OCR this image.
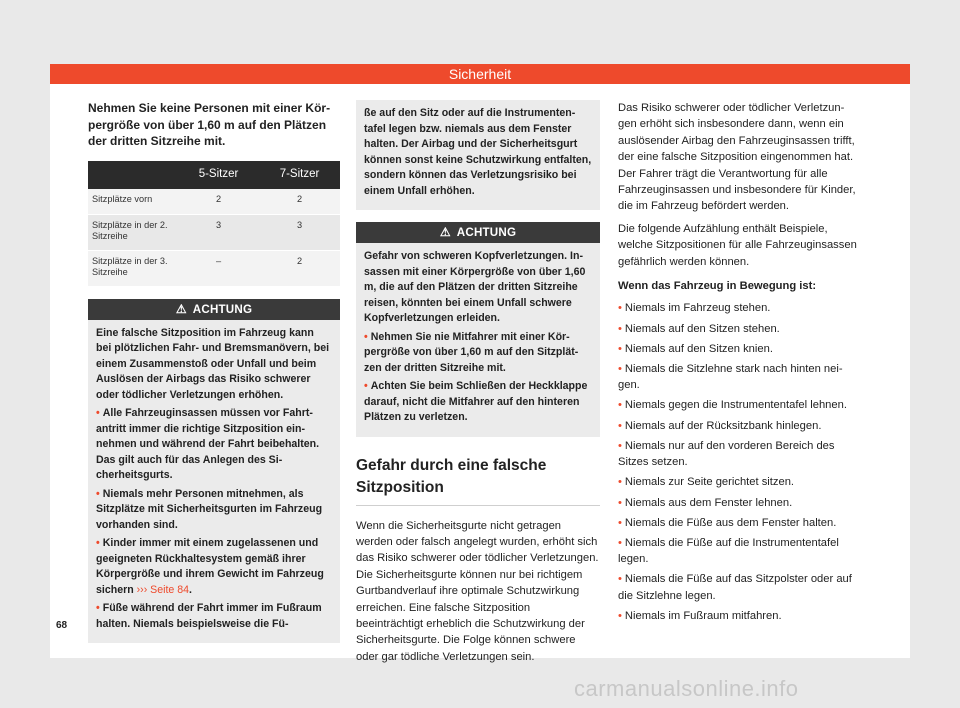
Sicherheit

Nehmen Sie keine Personen mit einer Körpergröße von über 1,60 m auf den Plätzen der dritten Sitzreihe mit.

	5-Sitzer	7-Sitzer
Sitzplätze vorn	2	2
Sitzplätze in der 2. Sitzreihe	3	3
Sitzplätze in der 3. Sitzreihe	–	2
⚠ ACHTUNG

Eine falsche Sitzposition im Fahrzeug kann bei plötzlichen Fahr- und Bremsmanövern, bei einem Zusammenstoß oder Unfall und beim Auslösen der Airbags das Risiko schwerer oder tödlicher Verletzungen erhöhen.

• Alle Fahrzeuginsassen müssen vor Fahrtantritt immer die richtige Sitzposition einnehmen und während der Fahrt beibehalten. Das gilt auch für das Anlegen des Sicherheitsgurts.

• Niemals mehr Personen mitnehmen, als Sitzplätze mit Sicherheitsgurten im Fahrzeug vorhanden sind.

• Kinder immer mit einem zugelassenen und geeigneten Rückhaltesystem gemäß ihrer Körpergröße und ihrem Gewicht im Fahrzeug sichern ››› Seite 84.

• Füße während der Fahrt immer im Fußraum halten. Niemals beispielsweise die Fü-

ße auf den Sitz oder auf die Instrumententafel legen bzw. niemals aus dem Fenster halten. Der Airbag und der Sicherheitsgurt können sonst keine Schutzwirkung entfalten, sondern können das Verletzungsrisiko bei einem Unfall erhöhen.

⚠ ACHTUNG

Gefahr von schweren Kopfverletzungen. Insassen mit einer Körpergröße von über 1,60 m, die auf den Plätzen der dritten Sitzreihe reisen, könnten bei einem Unfall schwere Kopfverletzungen erleiden.

• Nehmen Sie nie Mitfahrer mit einer Körpergröße von über 1,60 m auf den Sitzplätzen der dritten Sitzreihe mit.

• Achten Sie beim Schließen der Heckklappe darauf, nicht die Mitfahrer auf den hinteren Plätzen zu verletzen.

Gefahr durch eine falsche Sitzposition

Wenn die Sicherheitsgurte nicht getragen werden oder falsch angelegt wurden, erhöht sich das Risiko schwerer oder tödlicher Verletzungen. Die Sicherheitsgurte können nur bei richtigem Gurtbandverlauf ihre optimale Schutzwirkung erreichen. Eine falsche Sitzposition beeinträchtigt erheblich die Schutzwirkung der Sicherheitsgurte. Die Folge können schwere oder gar tödliche Verletzungen sein.

Das Risiko schwerer oder tödlicher Verletzungen erhöht sich insbesondere dann, wenn ein auslösender Airbag den Fahrzeuginsassen trifft, der eine falsche Sitzposition eingenommen hat. Der Fahrer trägt die Verantwortung für alle Fahrzeuginsassen und insbesondere für Kinder, die im Fahrzeug befördert werden.

Die folgende Aufzählung enthält Beispiele, welche Sitzpositionen für alle Fahrzeuginsassen gefährlich werden können.

Wenn das Fahrzeug in Bewegung ist:

• Niemals im Fahrzeug stehen.
• Niemals auf den Sitzen stehen.
• Niemals auf den Sitzen knien.
• Niemals die Sitzlehne stark nach hinten neigen.
• Niemals gegen die Instrumententafel lehnen.
• Niemals auf der Rücksitzbank hinlegen.
• Niemals nur auf den vorderen Bereich des Sitzes setzen.
• Niemals zur Seite gerichtet sitzen.
• Niemals aus dem Fenster lehnen.
• Niemals die Füße aus dem Fenster halten.
• Niemals die Füße auf die Instrumententafel legen.
• Niemals die Füße auf das Sitzpolster oder auf die Sitzlehne legen.
• Niemals im Fußraum mitfahren.
68
carmanualsonline.info
